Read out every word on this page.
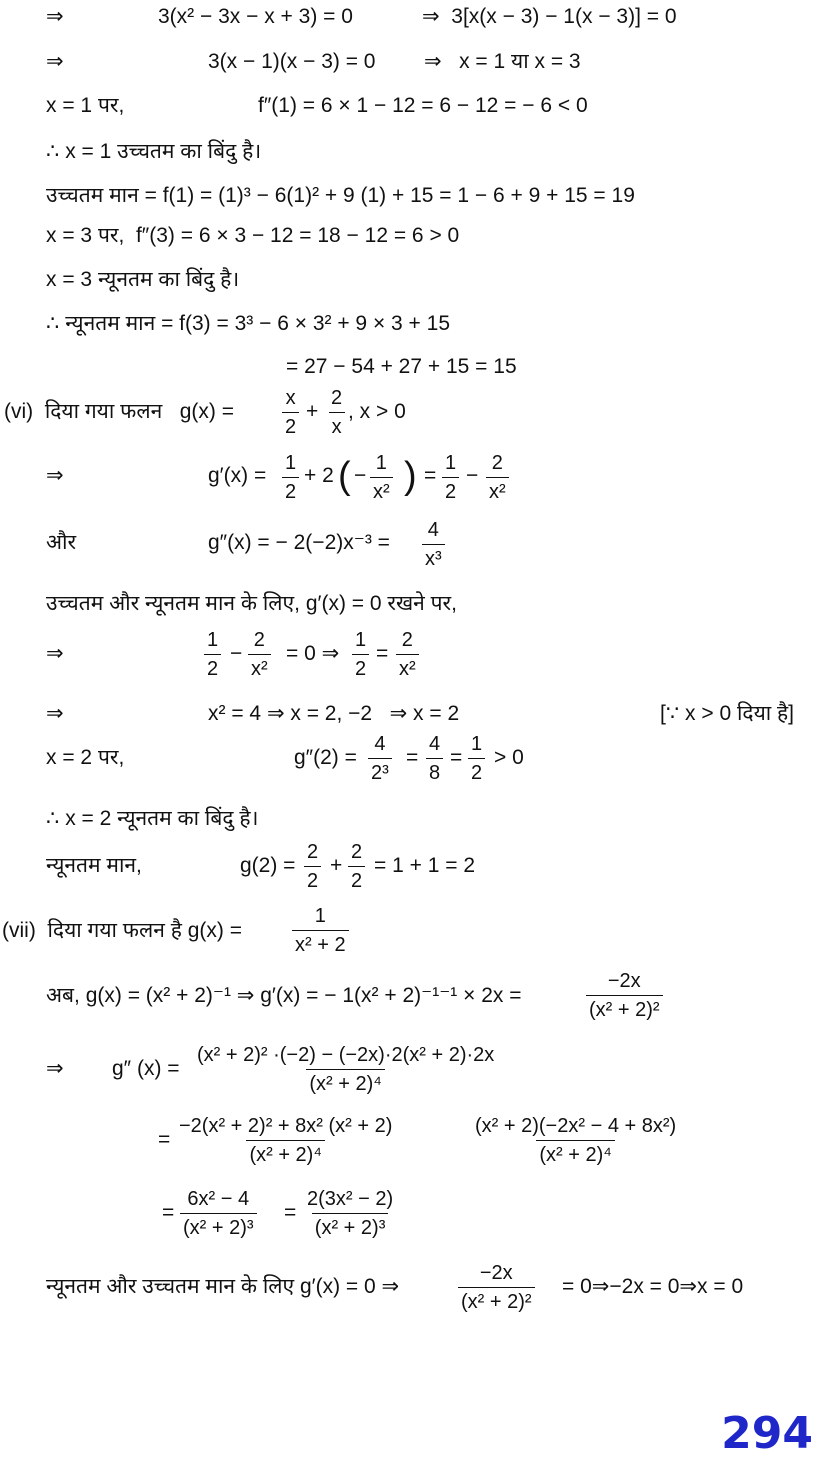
⇒	3(x² − 3x − x + 3) = 0	⇒  3[x(x − 3) − 1(x − 3)] = 0
⇒	3(x − 1)(x − 3) = 0 ⇒   x = 1 या x = 3
x = 1 पर,	f″(1) = 6 × 1 − 12 = 6 − 12 = − 6 < 0
∴ x = 1 उच्चतम का बिंदु है।
उच्चतम मान = f(1) = (1)³ − 6(1)² + 9 (1) + 15 = 1 − 6 + 9 + 15 = 19
x = 3 पर,  f″(3) = 6 × 3 − 12 = 18 − 12 = 6 > 0
x = 3 न्यूनतम का बिंदु है।
∴ न्यूनतम मान = f(3) = 3³ − 6 × 3² + 9 × 3 + 15
= 27 − 54 + 27 + 15 = 15
(vi)  दिया गया फलन   $g(x) = \frac{x}{2} + \frac{2}{x}$ , x > 0
⇒	$g'(x) = \frac{1}{2} + 2$ ( − $\frac{1}{\text{x²}}$ ) = $\frac{1}{2} - \frac{2}{\text{x²}}$
और	g″(x) = − $2(-2)x^{-3} = \frac{4}{\text{x³}}$
उच्चतम और न्यूनतम मान के लिए, g′(x) = 0 रखने पर,
⇒	$\frac{1}{2} - \frac{2}{\text{x²}} = 0$ ⇒ $\frac{1}{2} = \frac{2}{\text{x²}}$
⇒	x² = 4 ⇒ x = 2, −2   ⇒ x = 2	[∵ x > 0 दिया है]
x = 2 पर,	$g''(2) = \frac{4}{\text{2³}} = \frac{4}{8} = \frac{1}{2} > 0$
∴ x = 2 न्यूनतम का बिंदु है।
न्यूनतम मान,	$g(2) = \frac{2}{2} + \frac{2}{2} = 1 + 1 = 2$
(vii)  दिया गया फलन है g(x) =	$\frac{1}{\text{x² + 2}}$
अब, g(x) = (x² + 2)⁻¹ ⇒ g′(x) = − 1(x² + 2)⁻¹⁻¹ × 2x =	$\frac{-2x}{\text{(x² + 2)²}}$
⇒ g″ $(x) = \frac{\text{(x² + 2)² ·(−2) − (−2x)·2(x² + 2)·2x}}{\text{(x² + 2)⁴}}$
= $\frac{\text{−2(x² + 2)² + 8x² (x² + 2)}}{\text{(x² + 2)⁴}}$	$\frac{\text{(x² + 2)(−2x² − 4 + 8x²)}}{\text{(x² + 2)⁴}}$
= $\frac{\text{6x² − 4}}{\text{(x² + 2)³}} = \frac{\text{2(3x² − 2)}}{\text{(x² + 2)³}}$
न्यूनतम और उच्चतम मान के लिए g′(x) = 0 ⇒	$\frac{-2x}{\text{(x² + 2)²}}$ = 0⇒−2x = 0⇒x = 0
294
